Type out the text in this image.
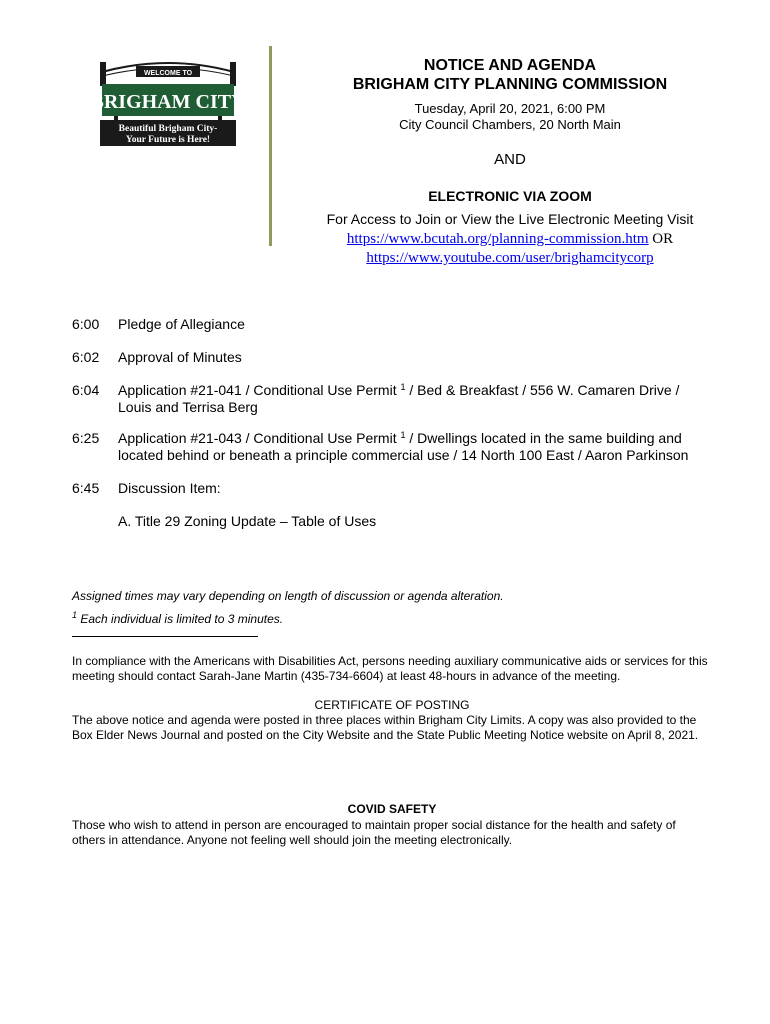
WELCOME TO
BRIGHAM CITY
Beautiful Brigham City-
Your Future is Here!
NOTICE AND AGENDA
BRIGHAM CITY PLANNING COMMISSION
Tuesday, April 20, 2021, 6:00 PM
City Council Chambers, 20 North Main
AND
ELECTRONIC VIA ZOOM
For Access to Join or View the Live Electronic Meeting Visit
https://www.bcutah.org/planning-commission.htm OR
https://www.youtube.com/user/brighamcitycorp
6:00 Pledge of Allegiance
6:02 Approval of Minutes
6:04 Application #21-041 / Conditional Use Permit $^1$ / Bed & Breakfast / 556 W. Camaren Drive /
Louis and Terrisa Berg
6:25 Application #21-043 / Conditional Use Permit $^1$ / Dwellings located in the same building and
located behind or beneath a principle commercial use / 14 North 100 East / Aaron Parkinson
6:45 Discussion Item:
A. Title 29 Zoning Update – Table of Uses
Assigned times may vary depending on length of discussion or agenda alteration.
$^1$ Each individual is limited to 3 minutes.
In compliance with the Americans with Disabilities Act, persons needing auxiliary communicative aids or services for this meeting should contact Sarah-Jane Martin (435-734-6604) at least 48-hours in advance of the meeting.
CERTIFICATE OF POSTING
The above notice and agenda were posted in three places within Brigham City Limits. A copy was also provided to the Box Elder News Journal and posted on the City Website and the State Public Meeting Notice website on April 8, 2021.
COVID SAFETY
Those who wish to attend in person are encouraged to maintain proper social distance for the health and safety of others in attendance. Anyone not feeling well should join the meeting electronically.
